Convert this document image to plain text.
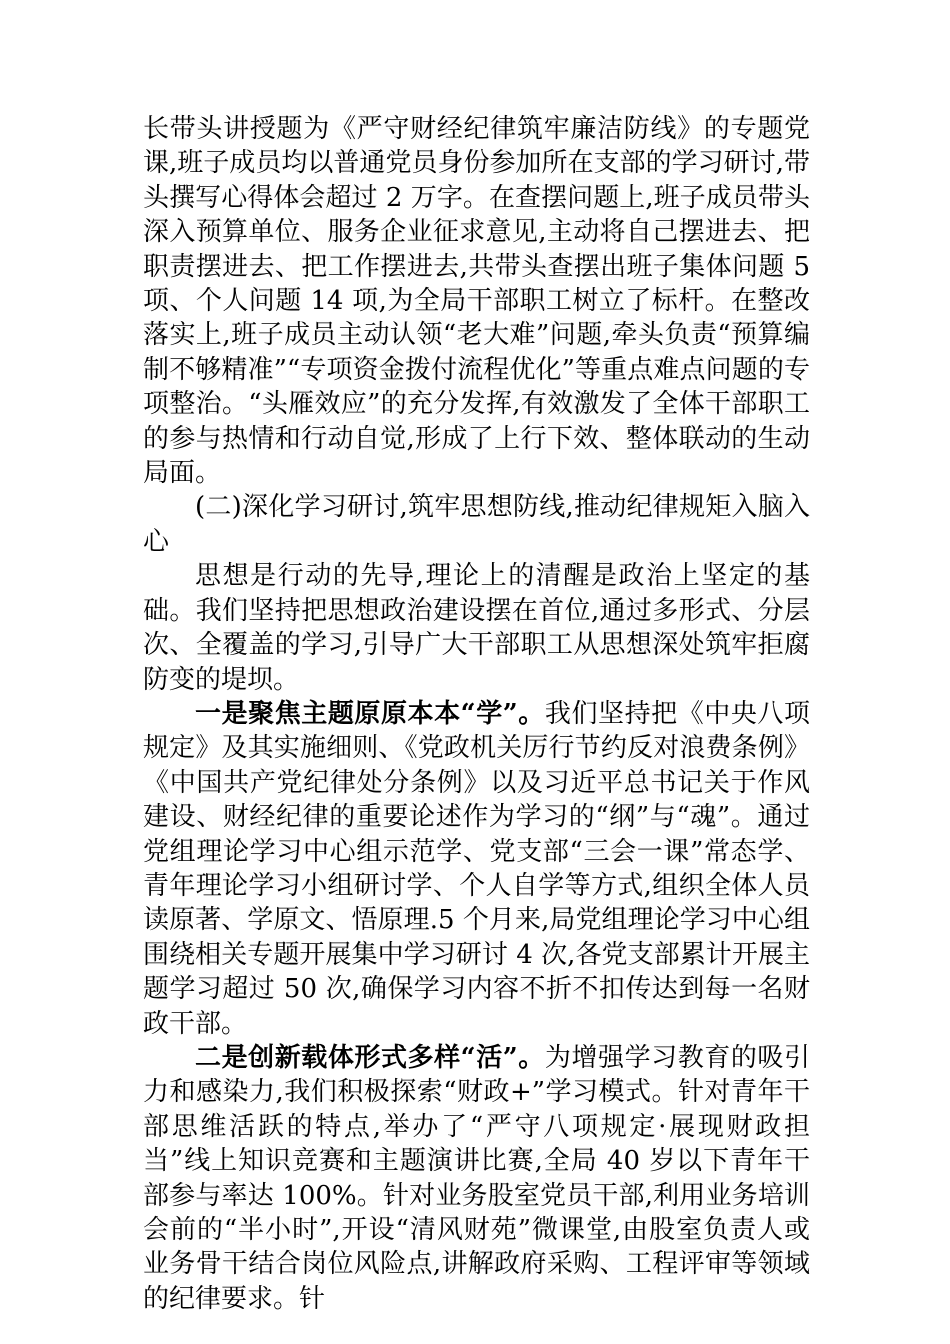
长带头讲授题为《严守财经纪律筑牢廉洁防线》的专题党课,班子成员均以普通党员身份参加所在支部的学习研讨,带头撰写心得体会超过 2 万字。在查摆问题上,班子成员带头深入预算单位、服务企业征求意见,主动将自己摆进去、把职责摆进去、把工作摆进去,共带头查摆出班子集体问题 5 项、个人问题 14 项,为全局干部职工树立了标杆。在整改落实上,班子成员主动认领“老大难”问题,牵头负责“预算编制不够精准”“专项资金拨付流程优化”等重点难点问题的专项整治。“头雁效应”的充分发挥,有效激发了全体干部职工的参与热情和行动自觉,形成了上行下效、整体联动的生动局面。

(二)深化学习研讨,筑牢思想防线,推动纪律规矩入脑入心

思想是行动的先导,理论上的清醒是政治上坚定的基础。我们坚持把思想政治建设摆在首位,通过多形式、分层次、全覆盖的学习,引导广大干部职工从思想深处筑牢拒腐防变的堤坝。

一是聚焦主题原原本本“学”。我们坚持把《中央八项规定》及其实施细则、《党政机关厉行节约反对浪费条例》《中国共产党纪律处分条例》以及习近平总书记关于作风建设、财经纪律的重要论述作为学习的“纲”与“魂”。通过党组理论学习中心组示范学、党支部“三会一课”常态学、青年理论学习小组研讨学、个人自学等方式,组织全体人员读原著、学原文、悟原理.5 个月来,局党组理论学习中心组围绕相关专题开展集中学习研讨 4 次,各党支部累计开展主题学习超过 50 次,确保学习内容不折不扣传达到每一名财政干部。

二是创新载体形式多样“活”。为增强学习教育的吸引力和感染力,我们积极探索“财政+”学习模式。针对青年干部思维活跃的特点,举办了“严守八项规定·展现财政担当”线上知识竞赛和主题演讲比赛,全局 40 岁以下青年干部参与率达 100%。针对业务股室党员干部,利用业务培训会前的“半小时”,开设“清风财苑”微课堂,由股室负责人或业务骨干结合岗位风险点,讲解政府采购、工程评审等领域的纪律要求。针
